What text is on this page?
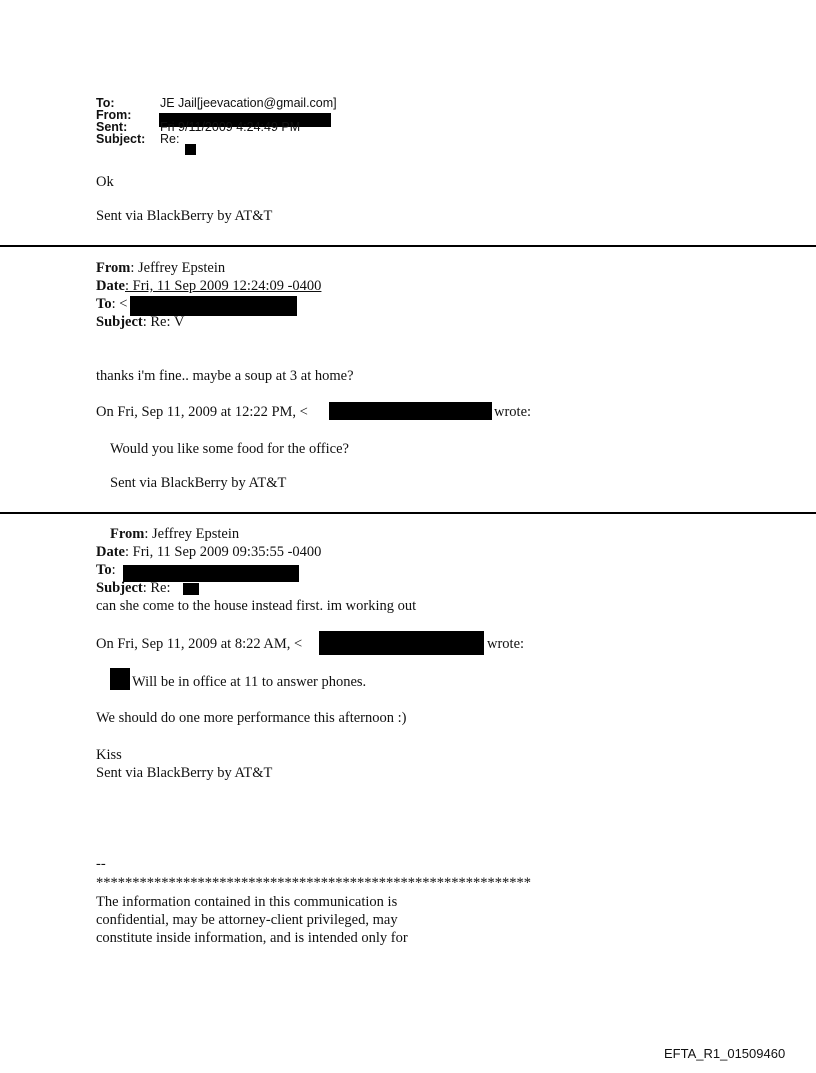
To:	JE Jail[jeevacation@gmail.com]
From:
Sent:	Fri 9/11/2009 4:24:49 PM
Subject: Re:
Ok
Sent via BlackBerry by AT&T
From: Jeffrey Epstein
Date: Fri, 11 Sep 2009 12:24:09 -0400
To: <
Subject: Re: V
thanks i'm fine.. maybe a soup at 3 at home?
On Fri, Sep 11, 2009 at 12:22 PM, <	wrote:
Would you like some food for the office?
Sent via BlackBerry by AT&T
From: Jeffrey Epstein
Date: Fri, 11 Sep 2009 09:35:55 -0400
To:
Subject: Re:
can she come to the house instead first. im working out
On Fri, Sep 11, 2009 at 8:22 AM, <	wrote:
Will be in office at 11 to answer phones.
We should do one more performance this afternoon :)
Kiss
Sent via BlackBerry by AT&T
--
************************************************************
The information contained in this communication is
confidential, may be attorney-client privileged, may
constitute inside information, and is intended only for
EFTA_R1_01509460
